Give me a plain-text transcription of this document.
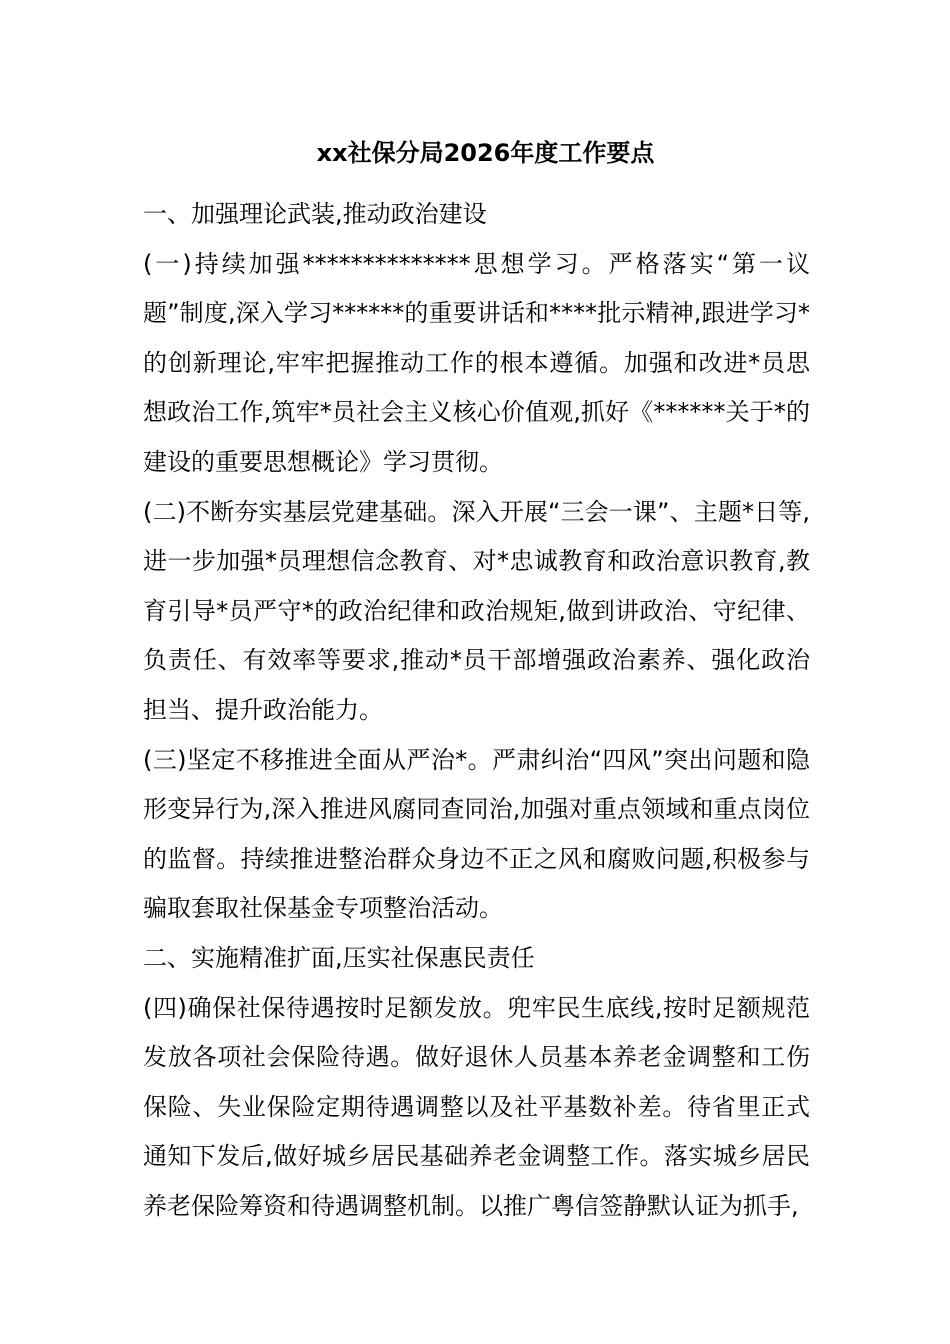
xx社保分局2026年度工作要点

一、加强理论武装,推动政治建设

(一)持续加强**************思想学习。严格落实“第一议题”制度,深入学习******的重要讲话和****批示精神,跟进学习*的创新理论,牢牢把握推动工作的根本遵循。加强和改进*员思想政治工作,筑牢*员社会主义核心价值观,抓好《******关于*的建设的重要思想概论》学习贯彻。

(二)不断夯实基层党建基础。深入开展“三会一课”、主题*日等,进一步加强*员理想信念教育、对*忠诚教育和政治意识教育,教育引导*员严守*的政治纪律和政治规矩,做到讲政治、守纪律、负责任、有效率等要求,推动*员干部增强政治素养、强化政治担当、提升政治能力。

(三)坚定不移推进全面从严治*。严肃纠治“四风”突出问题和隐形变异行为,深入推进风腐同查同治,加强对重点领域和重点岗位的监督。持续推进整治群众身边不正之风和腐败问题,积极参与骗取套取社保基金专项整治活动。

二、实施精准扩面,压实社保惠民责任

(四)确保社保待遇按时足额发放。兜牢民生底线,按时足额规范发放各项社会保险待遇。做好退休人员基本养老金调整和工伤保险、失业保险定期待遇调整以及社平基数补差。待省里正式通知下发后,做好城乡居民基础养老金调整工作。落实城乡居民养老保险筹资和待遇调整机制。以推广粤信签静默认证为抓手,
